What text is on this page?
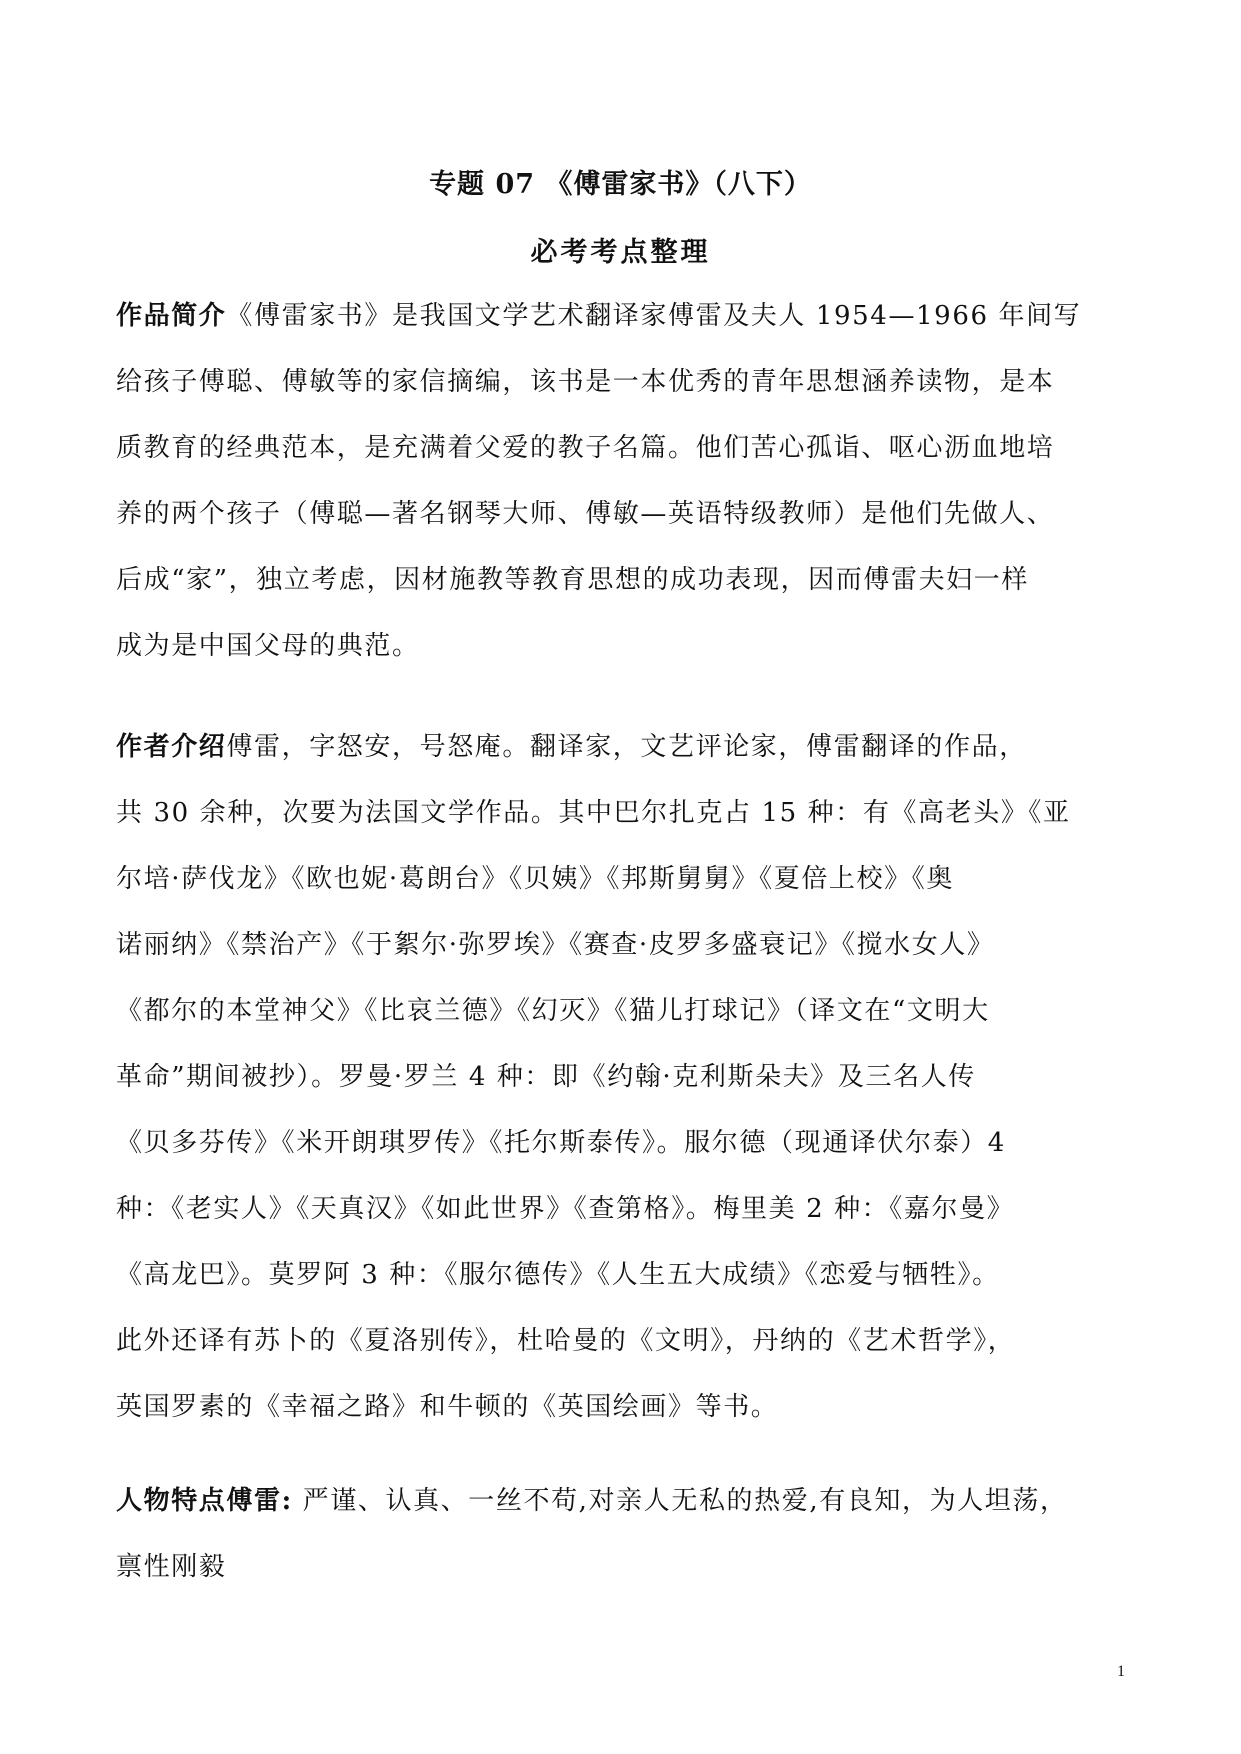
专题 07 《傅雷家书》（八下）
必考考点整理
作品简介《傅雷家书》是我国文学艺术翻译家傅雷及夫人 1954—1966 年间写
给孩子傅聪、傅敏等的家信摘编，该书是一本优秀的青年思想涵养读物，是本
质教育的经典范本，是充满着父爱的教子名篇。他们苦心孤诣、呕心沥血地培
养的两个孩子（傅聪—著名钢琴大师、傅敏—英语特级教师）是他们先做人、
后成“家”，独立考虑，因材施教等教育思想的成功表现，因而傅雷夫妇一样
成为是中国父母的典范。
作者介绍傅雷，字怒安，号怒庵。翻译家，文艺评论家，傅雷翻译的作品，
共 30 余种，次要为法国文学作品。其中巴尔扎克占 15 种：有《高老头》《亚
尔培·萨伐龙》《欧也妮·葛朗台》《贝姨》《邦斯舅舅》《夏倍上校》《奥
诺丽纳》《禁治产》《于絮尔·弥罗埃》《赛查·皮罗多盛衰记》《搅水女人》
《都尔的本堂神父》《比哀兰德》《幻灭》《猫儿打球记》（译文在“文明大
革命”期间被抄）。罗曼·罗兰 4 种：即《约翰·克利斯朵夫》及三名人传
《贝多芬传》《米开朗琪罗传》《托尔斯泰传》。服尔德（现通译伏尔泰）4
种：《老实人》《天真汉》《如此世界》《查第格》。梅里美 2 种：《嘉尔曼》
《高龙巴》。莫罗阿 3 种：《服尔德传》《人生五大成绩》《恋爱与牺牲》。
此外还译有苏卜的《夏洛别传》，杜哈曼的《文明》，丹纳的《艺术哲学》，
英国罗素的《幸福之路》和牛顿的《英国绘画》等书。
人物特点傅雷: 严谨、认真、一丝不苟,对亲人无私的热爱,有良知，为人坦荡，
禀性刚毅
1
